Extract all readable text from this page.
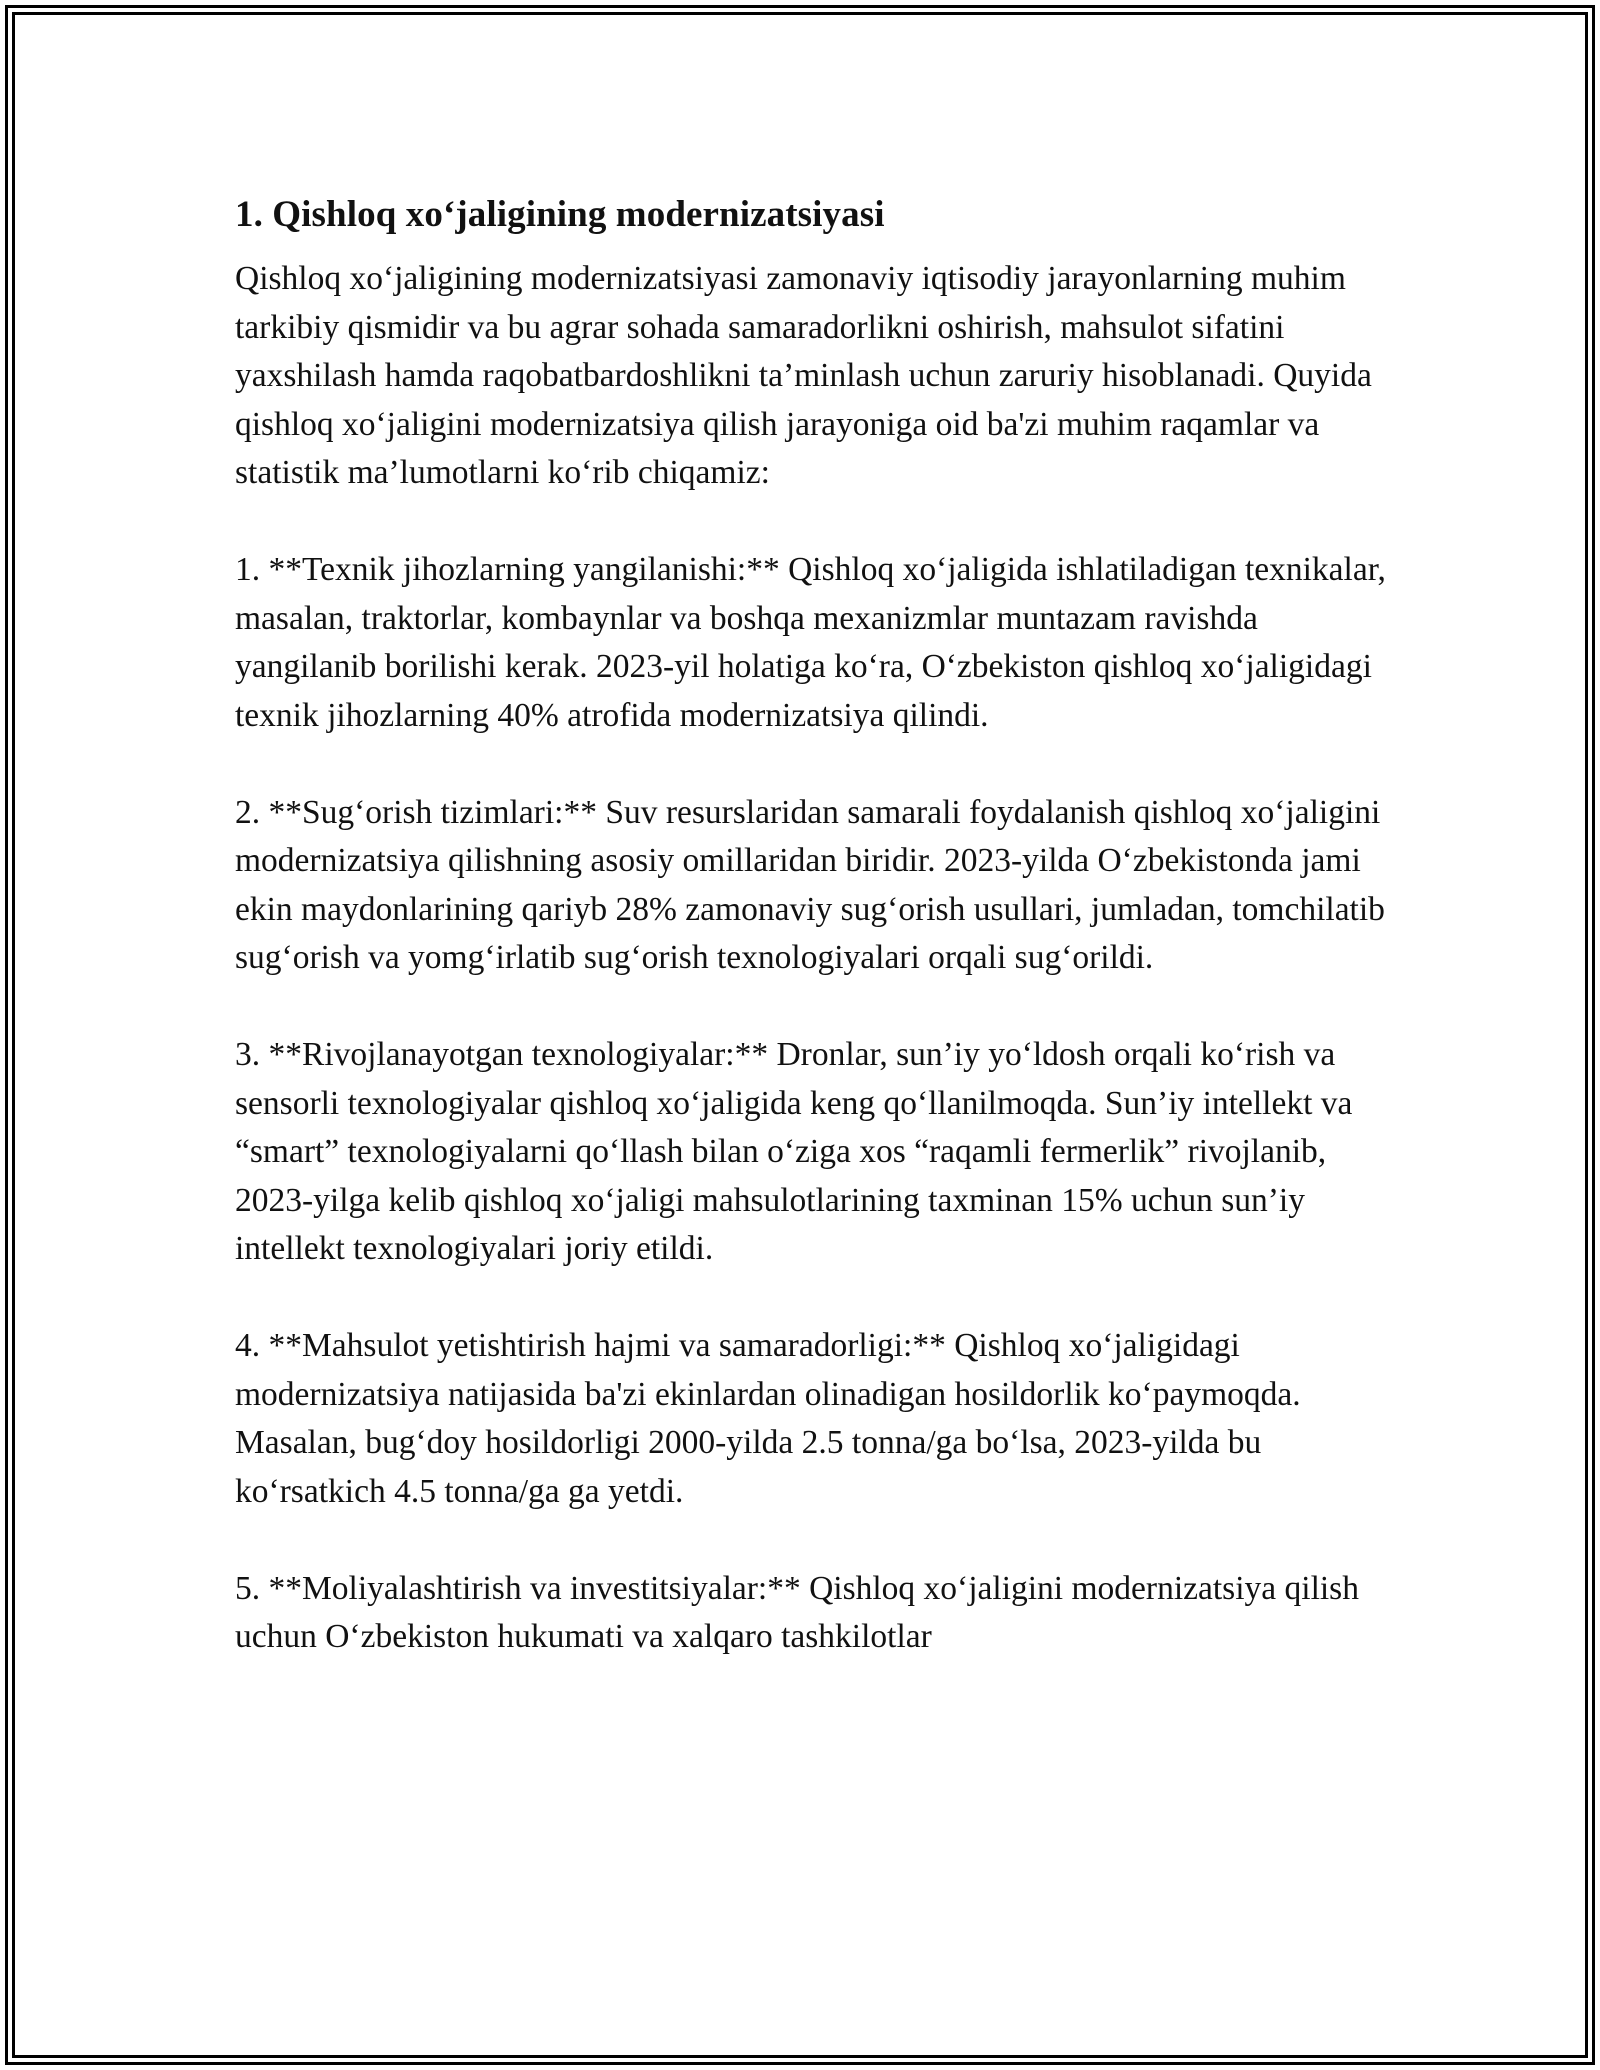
1. Qishloq xo‘jaligining modernizatsiyasi

Qishloq xo‘jaligining modernizatsiyasi zamonaviy iqtisodiy jarayonlarning muhim tarkibiy qismidir va bu agrar sohada samaradorlikni oshirish, mahsulot sifatini yaxshilash hamda raqobatbardoshlikni ta’minlash uchun zaruriy hisoblanadi. Quyida qishloq xo‘jaligini modernizatsiya qilish jarayoniga oid ba'zi muhim raqamlar va statistik ma’lumotlarni ko‘rib chiqamiz:

1. **Texnik jihozlarning yangilanishi:** Qishloq xo‘jaligida ishlatiladigan texnikalar, masalan, traktorlar, kombaynlar va boshqa mexanizmlar muntazam ravishda yangilanib borilishi kerak. 2023-yil holatiga ko‘ra, O‘zbekiston qishloq xo‘jaligidagi texnik jihozlarning 40% atrofida modernizatsiya qilindi.

2. **Sug‘orish tizimlari:** Suv resurslaridan samarali foydalanish qishloq xo‘jaligini modernizatsiya qilishning asosiy omillaridan biridir. 2023-yilda O‘zbekistonda jami ekin maydonlarining qariyb 28% zamonaviy sug‘orish usullari, jumladan, tomchilatib sug‘orish va yomg‘irlatib sug‘orish texnologiyalari orqali sug‘orildi.

3. **Rivojlanayotgan texnologiyalar:** Dronlar, sun’iy yo‘ldosh orqali ko‘rish va sensorli texnologiyalar qishloq xo‘jaligida keng qo‘llanilmoqda. Sun’iy intellekt va “smart” texnologiyalarni qo‘llash bilan o‘ziga xos “raqamli fermerlik” rivojlanib, 2023-yilga kelib qishloq xo‘jaligi mahsulotlarining taxminan 15% uchun sun’iy intellekt texnologiyalari joriy etildi.

4. **Mahsulot yetishtirish hajmi va samaradorligi:** Qishloq xo‘jaligidagi modernizatsiya natijasida ba'zi ekinlardan olinadigan hosildorlik ko‘paymoqda. Masalan, bug‘doy hosildorligi 2000-yilda 2.5 tonna/ga bo‘lsa, 2023-yilda bu ko‘rsatkich 4.5 tonna/ga ga yetdi.

5. **Moliyalashtirish va investitsiyalar:** Qishloq xo‘jaligini modernizatsiya qilish uchun O‘zbekiston hukumati va xalqaro tashkilotlar
